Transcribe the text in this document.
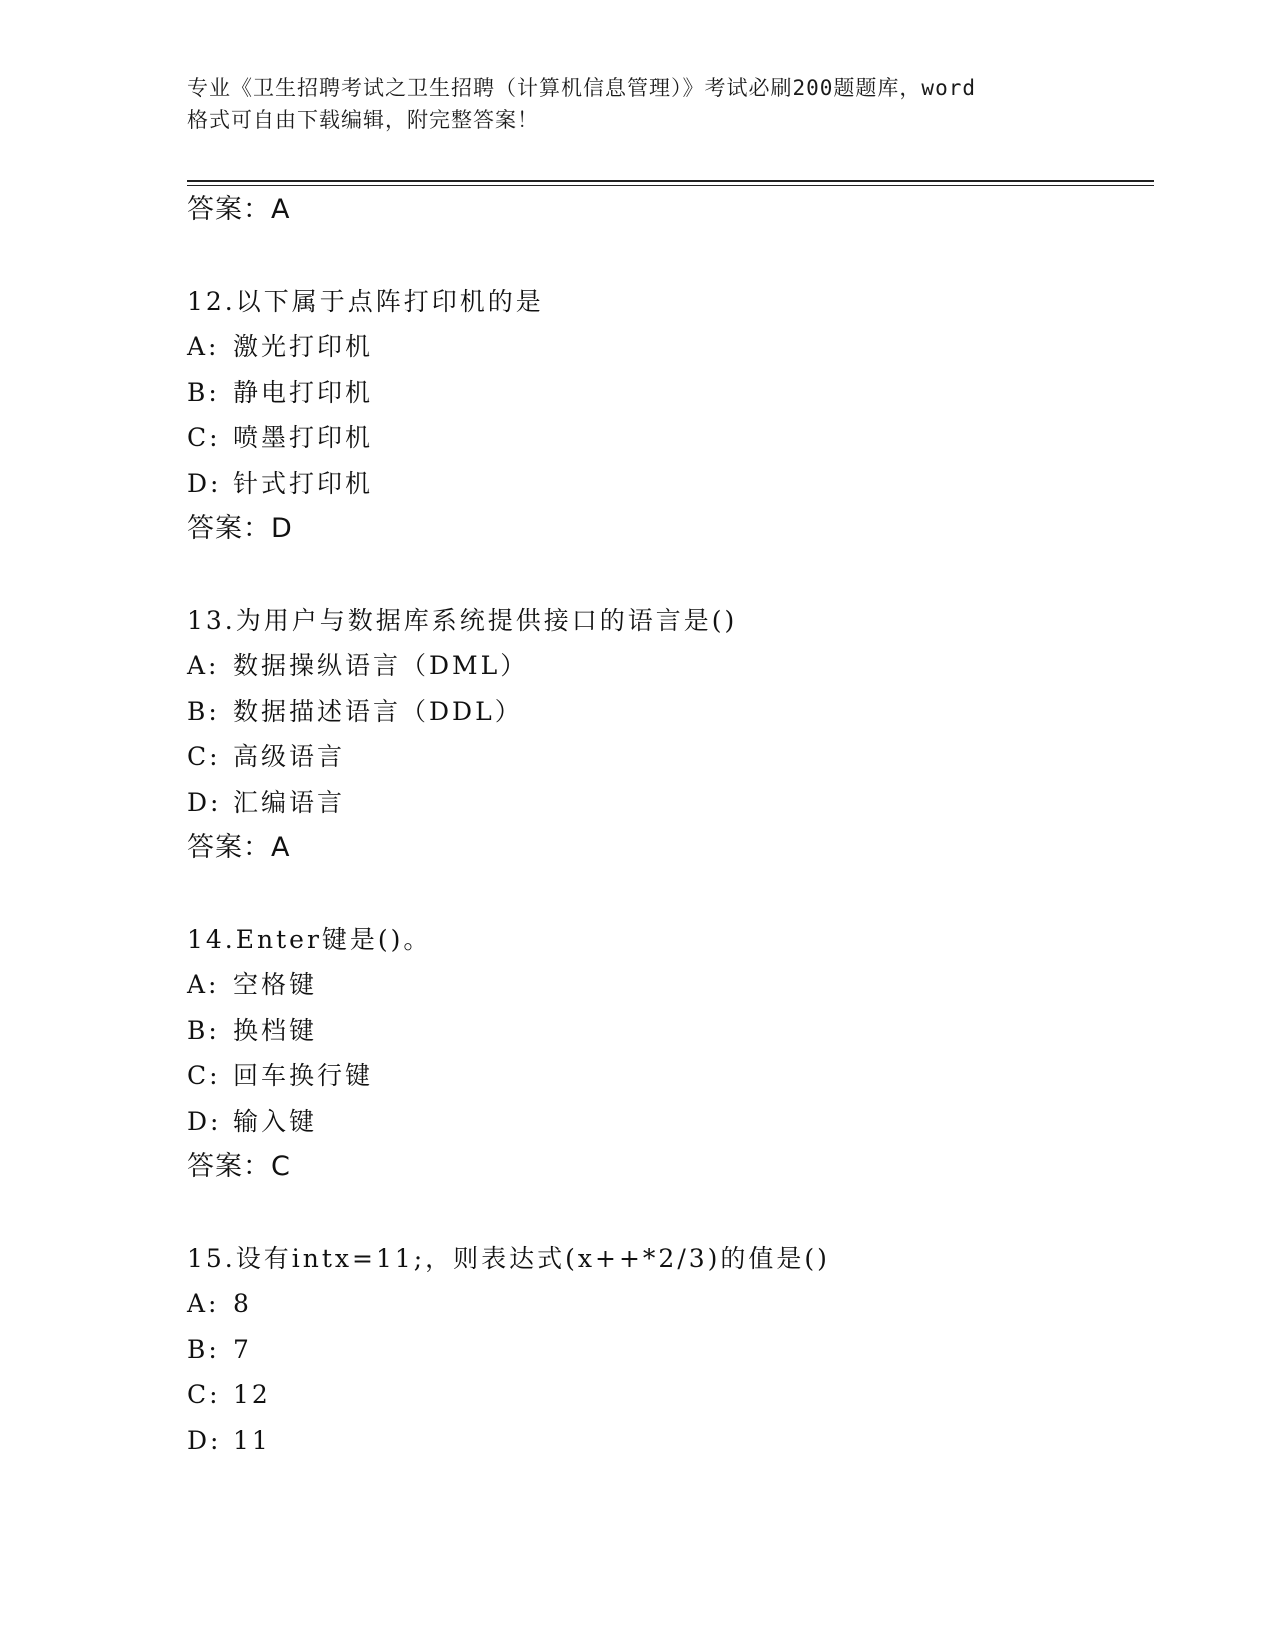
专业《卫生招聘考试之卫生招聘（计算机信息管理）》考试必刷200题题库，word
格式可自由下载编辑，附完整答案！
答案：A
12.以下属于点阵打印机的是
A: 激光打印机
B: 静电打印机
C: 喷墨打印机
D: 针式打印机
答案：D
13.为用户与数据库系统提供接口的语言是()
A: 数据操纵语言（DML）
B: 数据描述语言（DDL）
C: 高级语言
D: 汇编语言
答案：A
14.Enter键是()。
A: 空格键
B: 换档键
C: 回车换行键
D: 输入键
答案：C
15.设有intx=11;，则表达式(x++*2/3)的值是()
A: 8
B: 7
C: 12
D: 11
